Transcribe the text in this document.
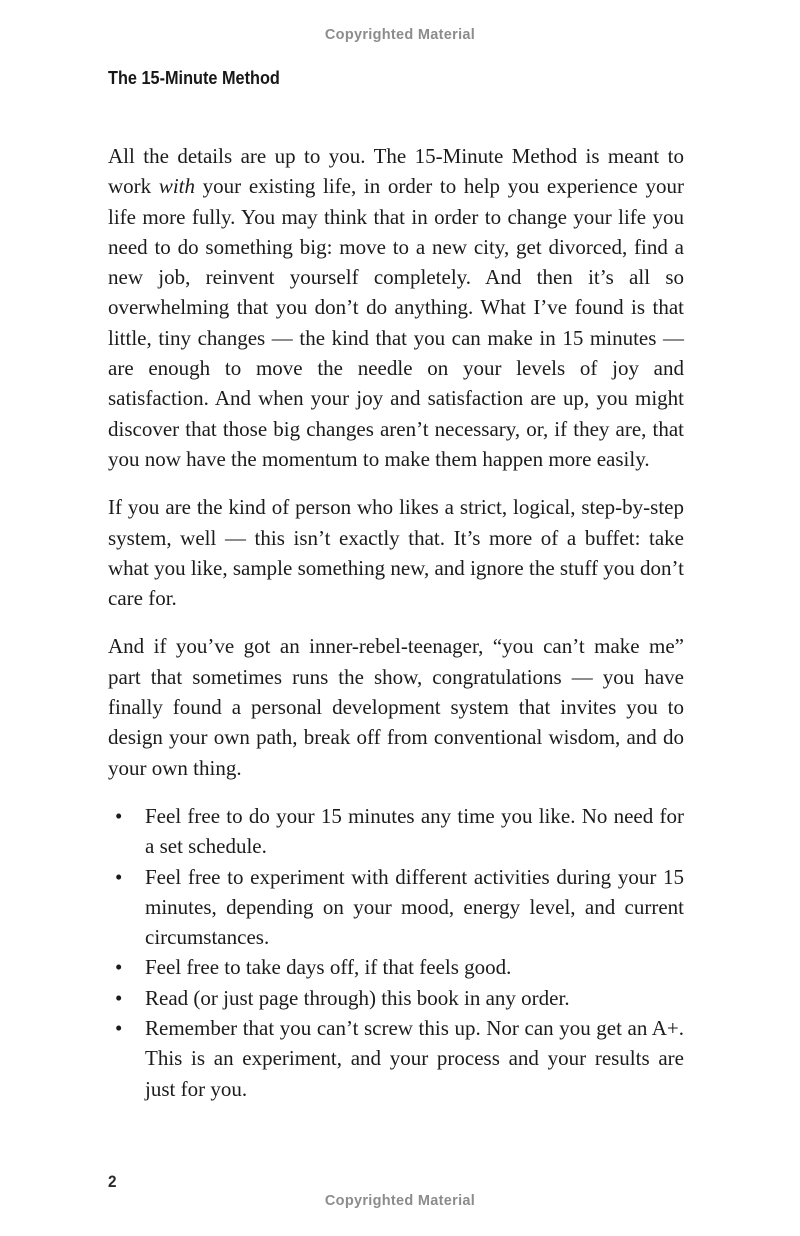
Copyrighted Material
The 15-Minute Method

All the details are up to you. The 15-Minute Method is meant to work with your existing life, in order to help you experience your life more fully. You may think that in order to change your life you need to do something big: move to a new city, get divorced, find a new job, reinvent yourself completely. And then it’s all so overwhelming that you don’t do anything. What I’ve found is that little, tiny changes — the kind that you can make in 15 minutes — are enough to move the needle on your levels of joy and satisfaction. And when your joy and satisfaction are up, you might discover that those big changes aren’t necessary, or, if they are, that you now have the momentum to make them happen more easily.

If you are the kind of person who likes a strict, logical, step-by-step system, well — this isn’t exactly that. It’s more of a buffet: take what you like, sample something new, and ignore the stuff you don’t care for.

And if you’ve got an inner-rebel-teenager, “you can’t make me” part that sometimes runs the show, congratulations — you have finally found a personal development system that invites you to design your own path, break off from conventional wisdom, and do your own thing.

• Feel free to do your 15 minutes any time you like. No need for a set schedule.
• Feel free to experiment with different activities during your 15 minutes, depending on your mood, energy level, and current circumstances.
• Feel free to take days off, if that feels good.
• Read (or just page through) this book in any order.
• Remember that you can’t screw this up. Nor can you get an A+. This is an experiment, and your process and your results are just for you.
2
Copyrighted Material
